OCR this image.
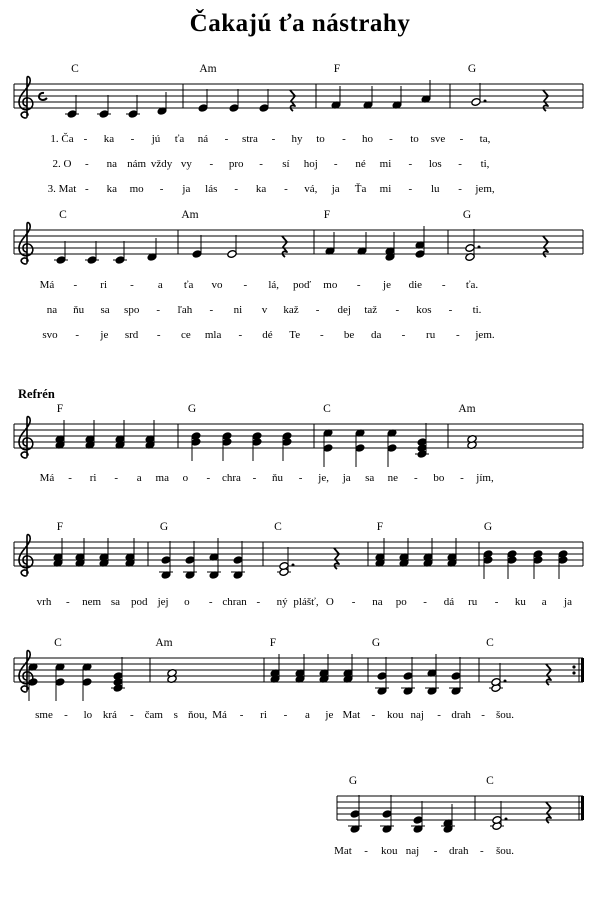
Čakajú ťa nástrahy
C	Am	F	G
1. Ča - ka - jú ťa ná - stra - hy to - ho - to sve - ta,
2. O - na nám vždy vy - pro - sí hoj - né mi - los - ti,
3. Mat - ka mo - ja lás - ka - vá, ja Ťa mi - lu - jem,
C	Am	F	G
Má - ri - a ťa vo - lá, poď mo - je die - ťa.
na ňu sa spo - ľah - ni v kaž - dej taž - kos - ti.
svo - je srd - ce mla - dé Te - be da - ru - jem.
F	G	C	Am
Má - ri - a ma o - chra - ňu - je, ja sa ne - bo - jím,
F	G	C	F	G
vrh - nem sa pod jej o - chran - ný plášť, O - na po - dá ru - ku a ja
C	Am	F	G	C
sme - lo krá - čam s ňou, Má - ri - a je Mat - kou naj - drah - šou.
G	C
Mat - kou naj - drah - šou.
Refrén
